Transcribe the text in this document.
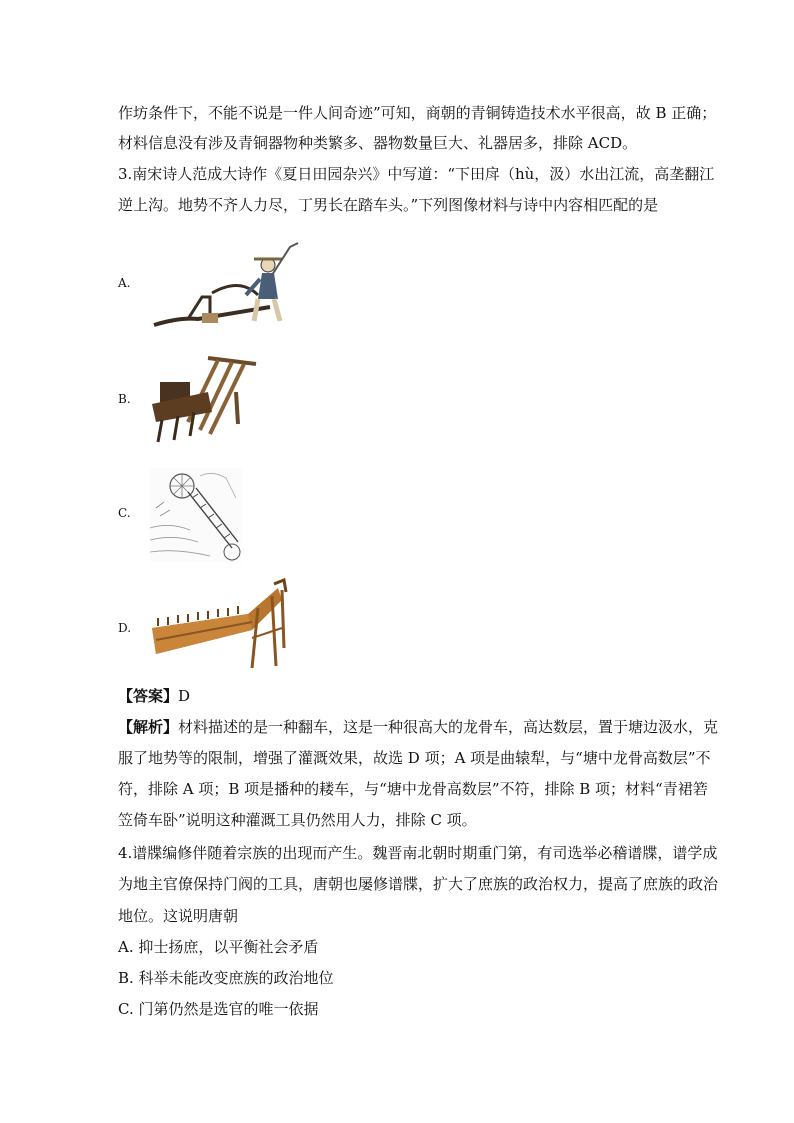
作坊条件下，不能不说是一件人间奇迹”可知，商朝的青铜铸造技术水平很高，故 B 正确；
材料信息没有涉及青铜器物种类繁多、器物数量巨大、礼器居多，排除 ACD。
3.南宋诗人范成大诗作《夏日田园杂兴》中写道：“下田戽（hù，汲）水出江流，高垄翻江
逆上沟。地势不齐人力尽，丁男长在踏车头。”下列图像材料与诗中内容相匹配的是
A.
B.
C.
D.
【答案】D
【解析】材料描述的是一种翻车，这是一种很高大的龙骨车，高达数层，置于塘边汲水，克
服了地势等的限制，增强了灌溉效果，故选 D 项；A 项是曲辕犁，与“塘中龙骨高数层”不
符，排除 A 项；B 项是播种的耧车，与“塘中龙骨高数层”不符，排除 B 项；材料“青裙箬
笠倚车卧”说明这种灌溉工具仍然用人力，排除 C 项。
4.谱牒编修伴随着宗族的出现而产生。魏晋南北朝时期重门第，有司选举必稽谱牒，谱学成
为地主官僚保持门阀的工具，唐朝也屡修谱牒，扩大了庶族的政治权力，提高了庶族的政治
地位。这说明唐朝
A. 抑士扬庶，以平衡社会矛盾
B. 科举未能改变庶族的政治地位
C. 门第仍然是选官的唯一依据
